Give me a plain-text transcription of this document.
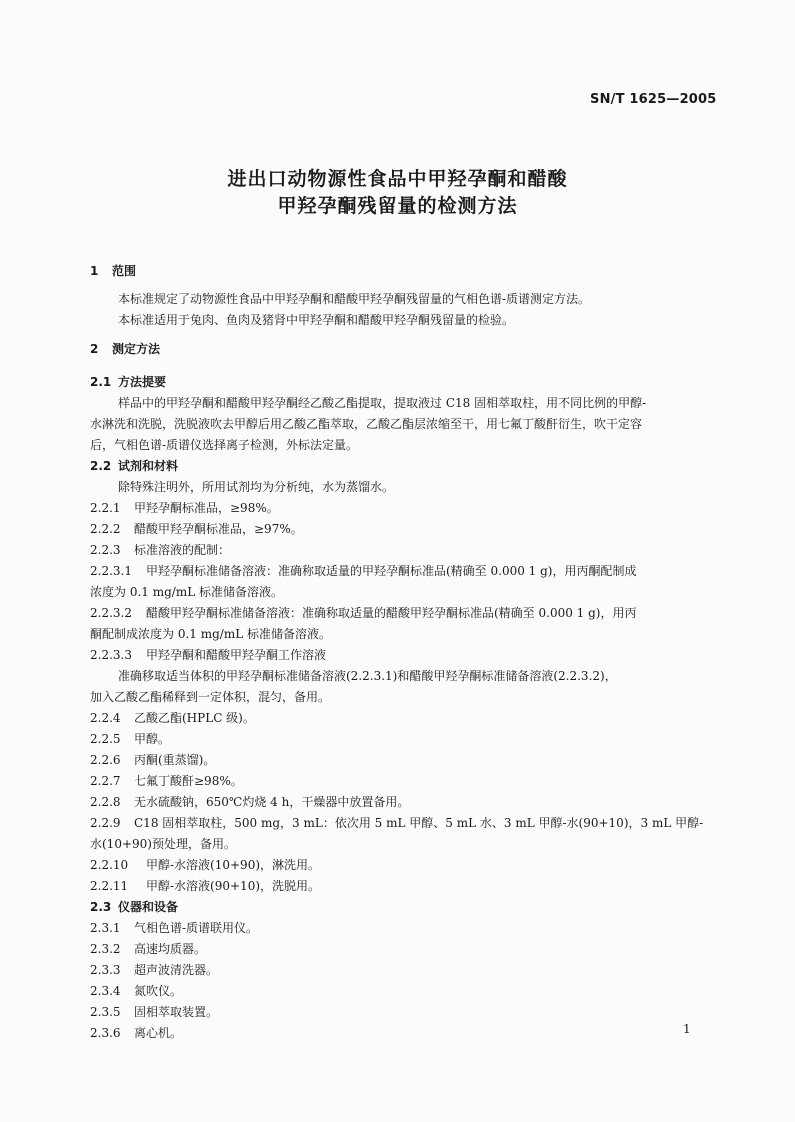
SN/T 1625—2005
进出口动物源性食品中甲羟孕酮和醋酸
甲羟孕酮残留量的检测方法
1 范围
本标准规定了动物源性食品中甲羟孕酮和醋酸甲羟孕酮残留量的气相色谱-质谱测定方法。
本标准适用于兔肉、鱼肉及猪肾中甲羟孕酮和醋酸甲羟孕酮残留量的检验。
2 测定方法
2.1 方法提要
样品中的甲羟孕酮和醋酸甲羟孕酮经乙酸乙酯提取，提取液过 C18 固相萃取柱，用不同比例的甲醇-
水淋洗和洗脱，洗脱液吹去甲醇后用乙酸乙酯萃取，乙酸乙酯层浓缩至干，用七氟丁酸酐衍生，吹干定容
后，气相色谱-质谱仪选择离子检测，外标法定量。
2.2 试剂和材料
除特殊注明外，所用试剂均为分析纯，水为蒸馏水。
2.2.1 甲羟孕酮标准品，≥98%。
2.2.2 醋酸甲羟孕酮标准品，≥97%。
2.2.3 标准溶液的配制：
2.2.3.1 甲羟孕酮标准储备溶液：准确称取适量的甲羟孕酮标准品(精确至 0.000 1 g)，用丙酮配制成
浓度为 0.1 mg/mL 标准储备溶液。
2.2.3.2 醋酸甲羟孕酮标准储备溶液：准确称取适量的醋酸甲羟孕酮标准品(精确至 0.000 1 g)，用丙
酮配制成浓度为 0.1 mg/mL 标准储备溶液。
2.2.3.3 甲羟孕酮和醋酸甲羟孕酮工作溶液
准确移取适当体积的甲羟孕酮标准储备溶液(2.2.3.1)和醋酸甲羟孕酮标准储备溶液(2.2.3.2)，
加入乙酸乙酯稀释到一定体积，混匀，备用。
2.2.4 乙酸乙酯(HPLC 级)。
2.2.5 甲醇。
2.2.6 丙酮(重蒸馏)。
2.2.7 七氟丁酸酐≥98%。
2.2.8 无水硫酸钠，650℃灼烧 4 h，干燥器中放置备用。
2.2.9 C18 固相萃取柱，500 mg，3 mL：依次用 5 mL 甲醇、5 mL 水、3 mL 甲醇-水(90+10)，3 mL 甲醇-
水(10+90)预处理，备用。
2.2.10 甲醇-水溶液(10+90)，淋洗用。
2.2.11 甲醇-水溶液(90+10)，洗脱用。
2.3 仪器和设备
2.3.1 气相色谱-质谱联用仪。
2.3.2 高速均质器。
2.3.3 超声波清洗器。
2.3.4 氮吹仪。
2.3.5 固相萃取装置。
2.3.6 离心机。	1
